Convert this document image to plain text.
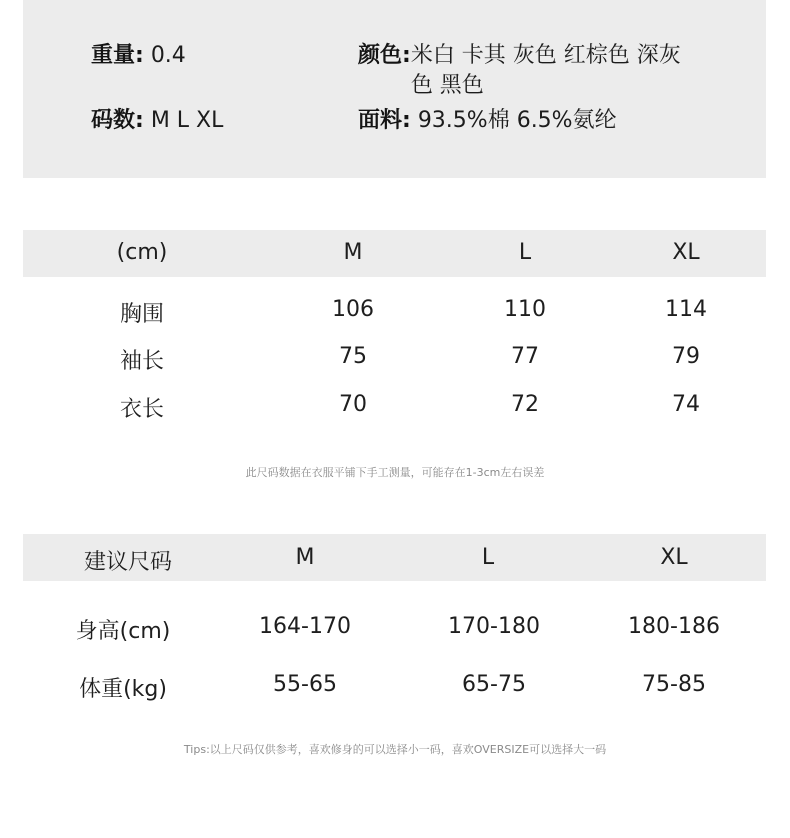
重量: 0.4
码数: M L XL
颜色: 米白 卡其 灰色 红棕色 深灰色 黑色
面料: 93.5%棉 6.5%氨纶
(cm)	M	L	XL
胸围	106	110	114
袖长	75	77	79
衣长	70	72	74
此尺码数据在衣服平铺下手工测量，可能存在1-3cm左右误差
建议尺码	M	L	XL
身高(cm)	164-170	170-180	180-186
体重(kg)	55-65	65-75	75-85
Tips:以上尺码仅供参考，喜欢修身的可以选择小一码，喜欢OVERSIZE可以选择大一码
